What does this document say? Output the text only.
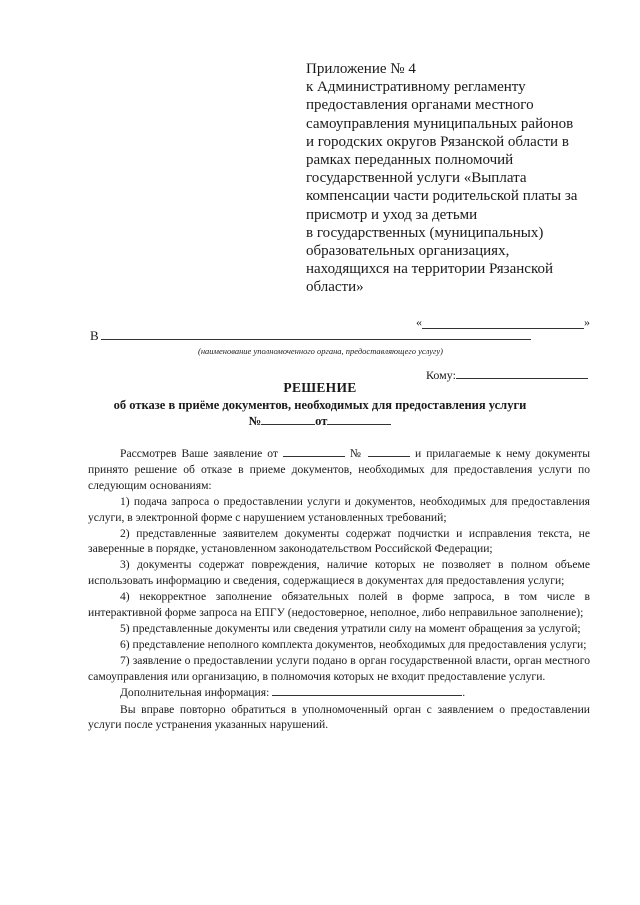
Приложение № 4
к Административному регламенту
предоставления органами местного
самоуправления муниципальных районов
и городских округов Рязанской области в
рамках переданных полномочий
государственной услуги «Выплата
компенсации части родительской платы за
присмотр и уход за детьми
в государственных (муниципальных)
образовательных организациях,
находящихся на территории Рязанской
области»
«	»
В
(наименование уполномоченного органа, предоставляющего услугу)
Кому:
РЕШЕНИЕ
об отказе в приёме документов, необходимых для предоставления услуги
№	от

Рассмотрев Ваше заявление от	№	и прилагаемые к нему документы принято решение об отказе в приеме документов, необходимых для предоставления услуги по следующим основаниям:

1) подача запроса о предоставлении услуги и документов, необходимых для предоставления услуги, в электронной форме с нарушением установленных требований;

2) представленные заявителем документы содержат подчистки и исправления текста, не заверенные в порядке, установленном законодательством Российской Федерации;

3) документы содержат повреждения, наличие которых не позволяет в полном объеме использовать информацию и сведения, содержащиеся в документах для предоставления услуги;

4) некорректное заполнение обязательных полей в форме запроса, в том числе в интерактивной форме запроса на ЕПГУ (недостоверное, неполное, либо неправильное заполнение);

5) представленные документы или сведения утратили силу на момент обращения за услугой;

6) представление неполного комплекта документов, необходимых для предоставления услуги;

7) заявление о предоставлении услуги подано в орган государственной власти, орган местного самоуправления или организацию, в полномочия которых не входит предоставление услуги.

Дополнительная информация:	.

Вы вправе повторно обратиться в уполномоченный орган с заявлением о предоставлении услуги после устранения указанных нарушений.
